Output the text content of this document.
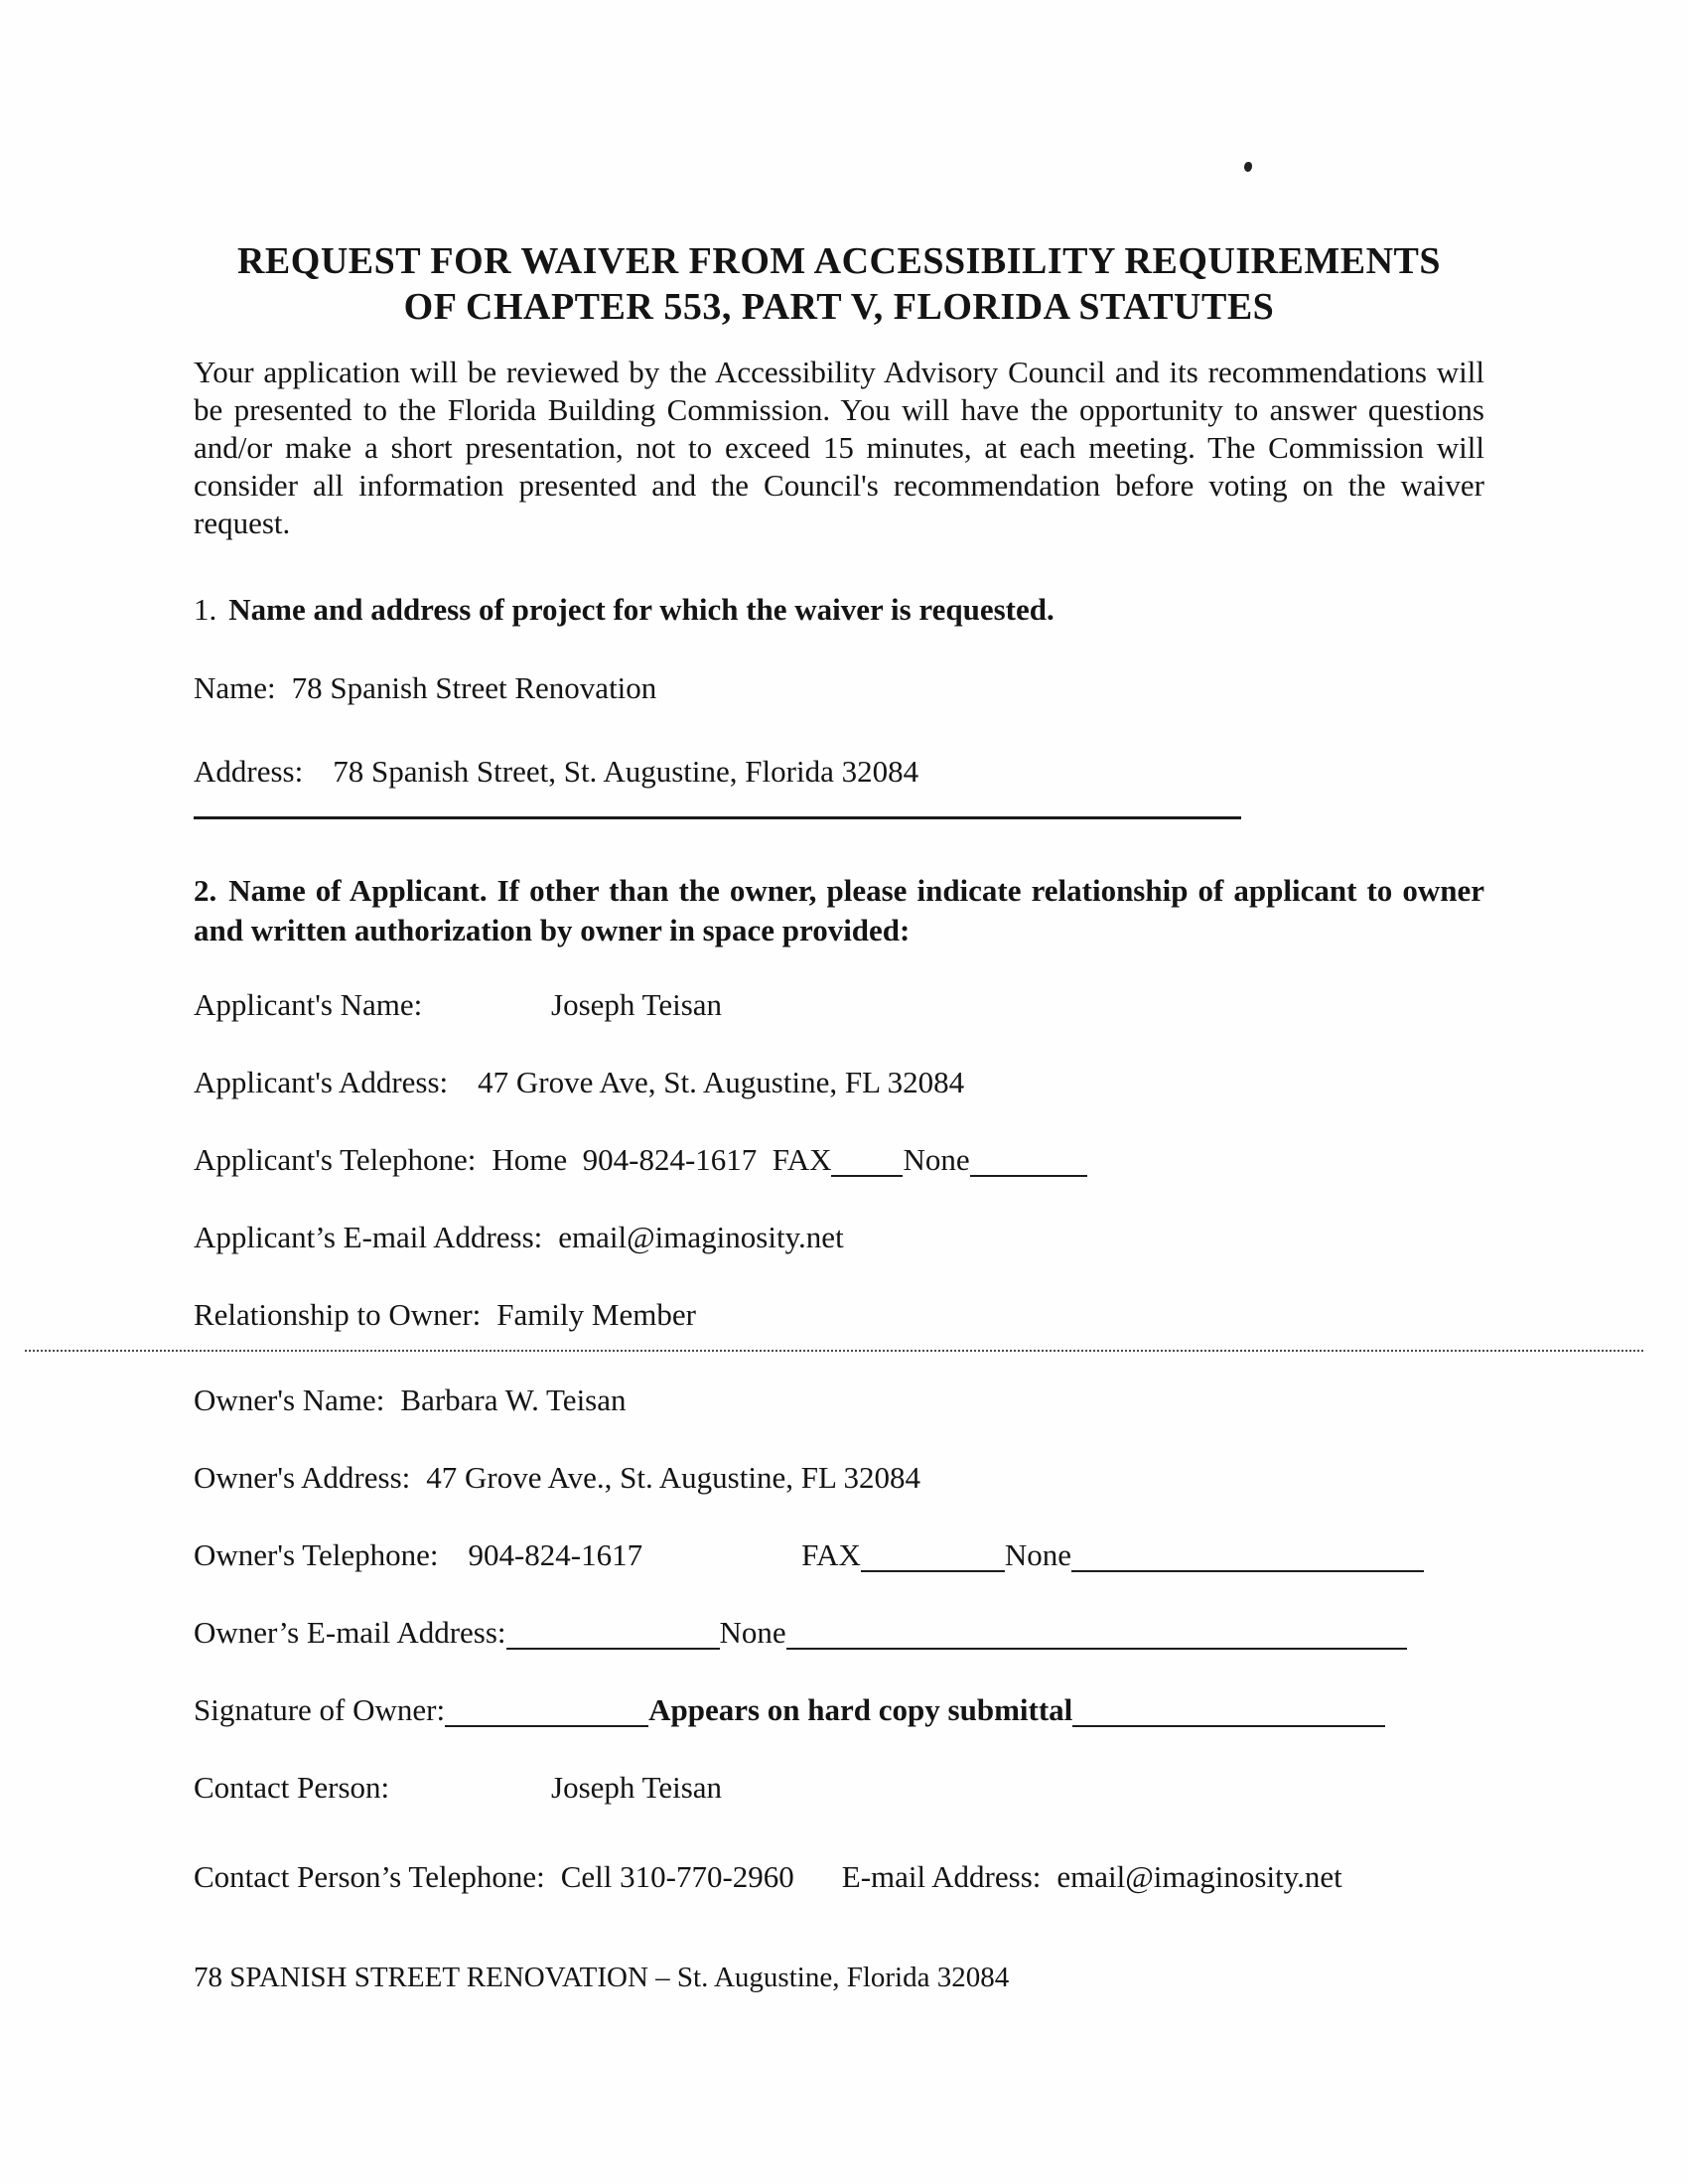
REQUEST FOR WAIVER FROM ACCESSIBILITY REQUIREMENTS
OF CHAPTER 553, PART V, FLORIDA STATUTES
Your application will be reviewed by the Accessibility Advisory Council and its recommendations will be presented to the Florida Building Commission. You will have the opportunity to answer questions and/or make a short presentation, not to exceed 15 minutes, at each meeting. The Commission will consider all information presented and the Council's recommendation before voting on the waiver request.
1. Name and address of project for which the waiver is requested.
Name: 78 Spanish Street Renovation
Address: 78 Spanish Street, St. Augustine, Florida 32084
2. Name of Applicant. If other than the owner, please indicate relationship of applicant to owner and written authorization by owner in space provided:
Applicant's Name:	Joseph Teisan
Applicant's Address: 47 Grove Ave, St. Augustine, FL 32084
Applicant's Telephone: Home  904-824-1617  FAX None
Applicant’s E-mail Address: email@imaginosity.net
Relationship to Owner: Family Member
Owner's Name: Barbara W. Teisan
Owner's Address: 47 Grove Ave., St. Augustine, FL 32084
Owner's Telephone: 904-824-1617	FAX	None
Owner’s E-mail Address:	None
Signature of Owner:	Appears on hard copy submittal
Contact Person:	Joseph Teisan
Contact Person’s Telephone: Cell 310-770-2960 E-mail Address: email@imaginosity.net
78 SPANISH STREET RENOVATION – St. Augustine, Florida 32084
